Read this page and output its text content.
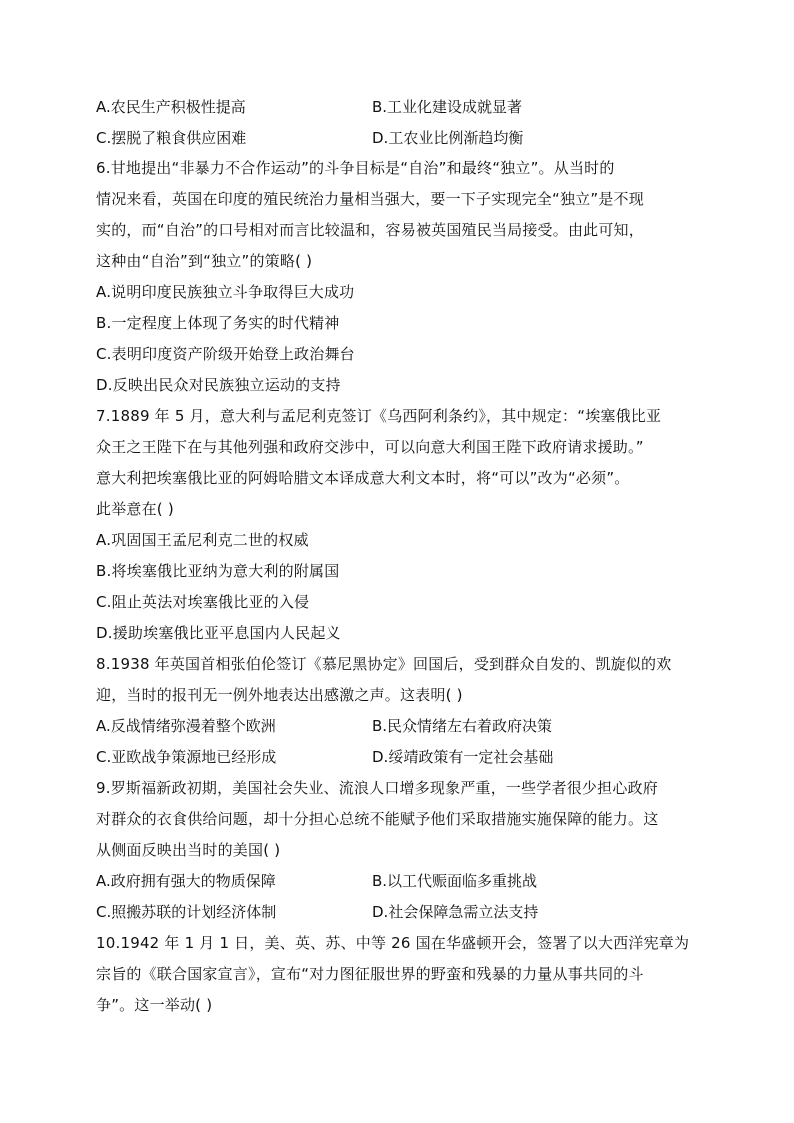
A.农民生产积极性提高	B.工业化建设成就显著
C.摆脱了粮食供应困难	D.工农业比例渐趋均衡
6.甘地提出“非暴力不合作运动”的斗争目标是“自治”和最终“独立”。从当时的
情况来看，英国在印度的殖民统治力量相当强大，要一下子实现完全“独立”是不现
实的，而“自治”的口号相对而言比较温和，容易被英国殖民当局接受。由此可知，
这种由“自治”到“独立”的策略( )
A.说明印度民族独立斗争取得巨大成功
B.一定程度上体现了务实的时代精神
C.表明印度资产阶级开始登上政治舞台
D.反映出民众对民族独立运动的支持
7.1889 年 5 月，意大利与孟尼利克签订《乌西阿利条约》，其中规定：“埃塞俄比亚
众王之王陛下在与其他列强和政府交涉中，可以向意大利国王陛下政府请求援助。”
意大利把埃塞俄比亚的阿姆哈腊文本译成意大利文本时，将“可以”改为“必须”。
此举意在( )
A.巩固国王孟尼利克二世的权威
B.将埃塞俄比亚纳为意大利的附属国
C.阻止英法对埃塞俄比亚的入侵
D.援助埃塞俄比亚平息国内人民起义
8.1938 年英国首相张伯伦签订《慕尼黑协定》回国后，受到群众自发的、凯旋似的欢
迎，当时的报刊无一例外地表达出感激之声。这表明( )
A.反战情绪弥漫着整个欧洲	B.民众情绪左右着政府决策
C.亚欧战争策源地已经形成	D.绥靖政策有一定社会基础
9.罗斯福新政初期，美国社会失业、流浪人口增多现象严重，一些学者很少担心政府
对群众的衣食供给问题，却十分担心总统不能赋予他们采取措施实施保障的能力。这
从侧面反映出当时的美国( )
A.政府拥有强大的物质保障	B.以工代赈面临多重挑战
C.照搬苏联的计划经济体制	D.社会保障急需立法支持
10.1942 年 1 月 1 日，美、英、苏、中等 26 国在华盛顿开会，签署了以大西洋宪章为
宗旨的《联合国家宣言》，宣布“对力图征服世界的野蛮和残暴的力量从事共同的斗
争”。这一举动( )
